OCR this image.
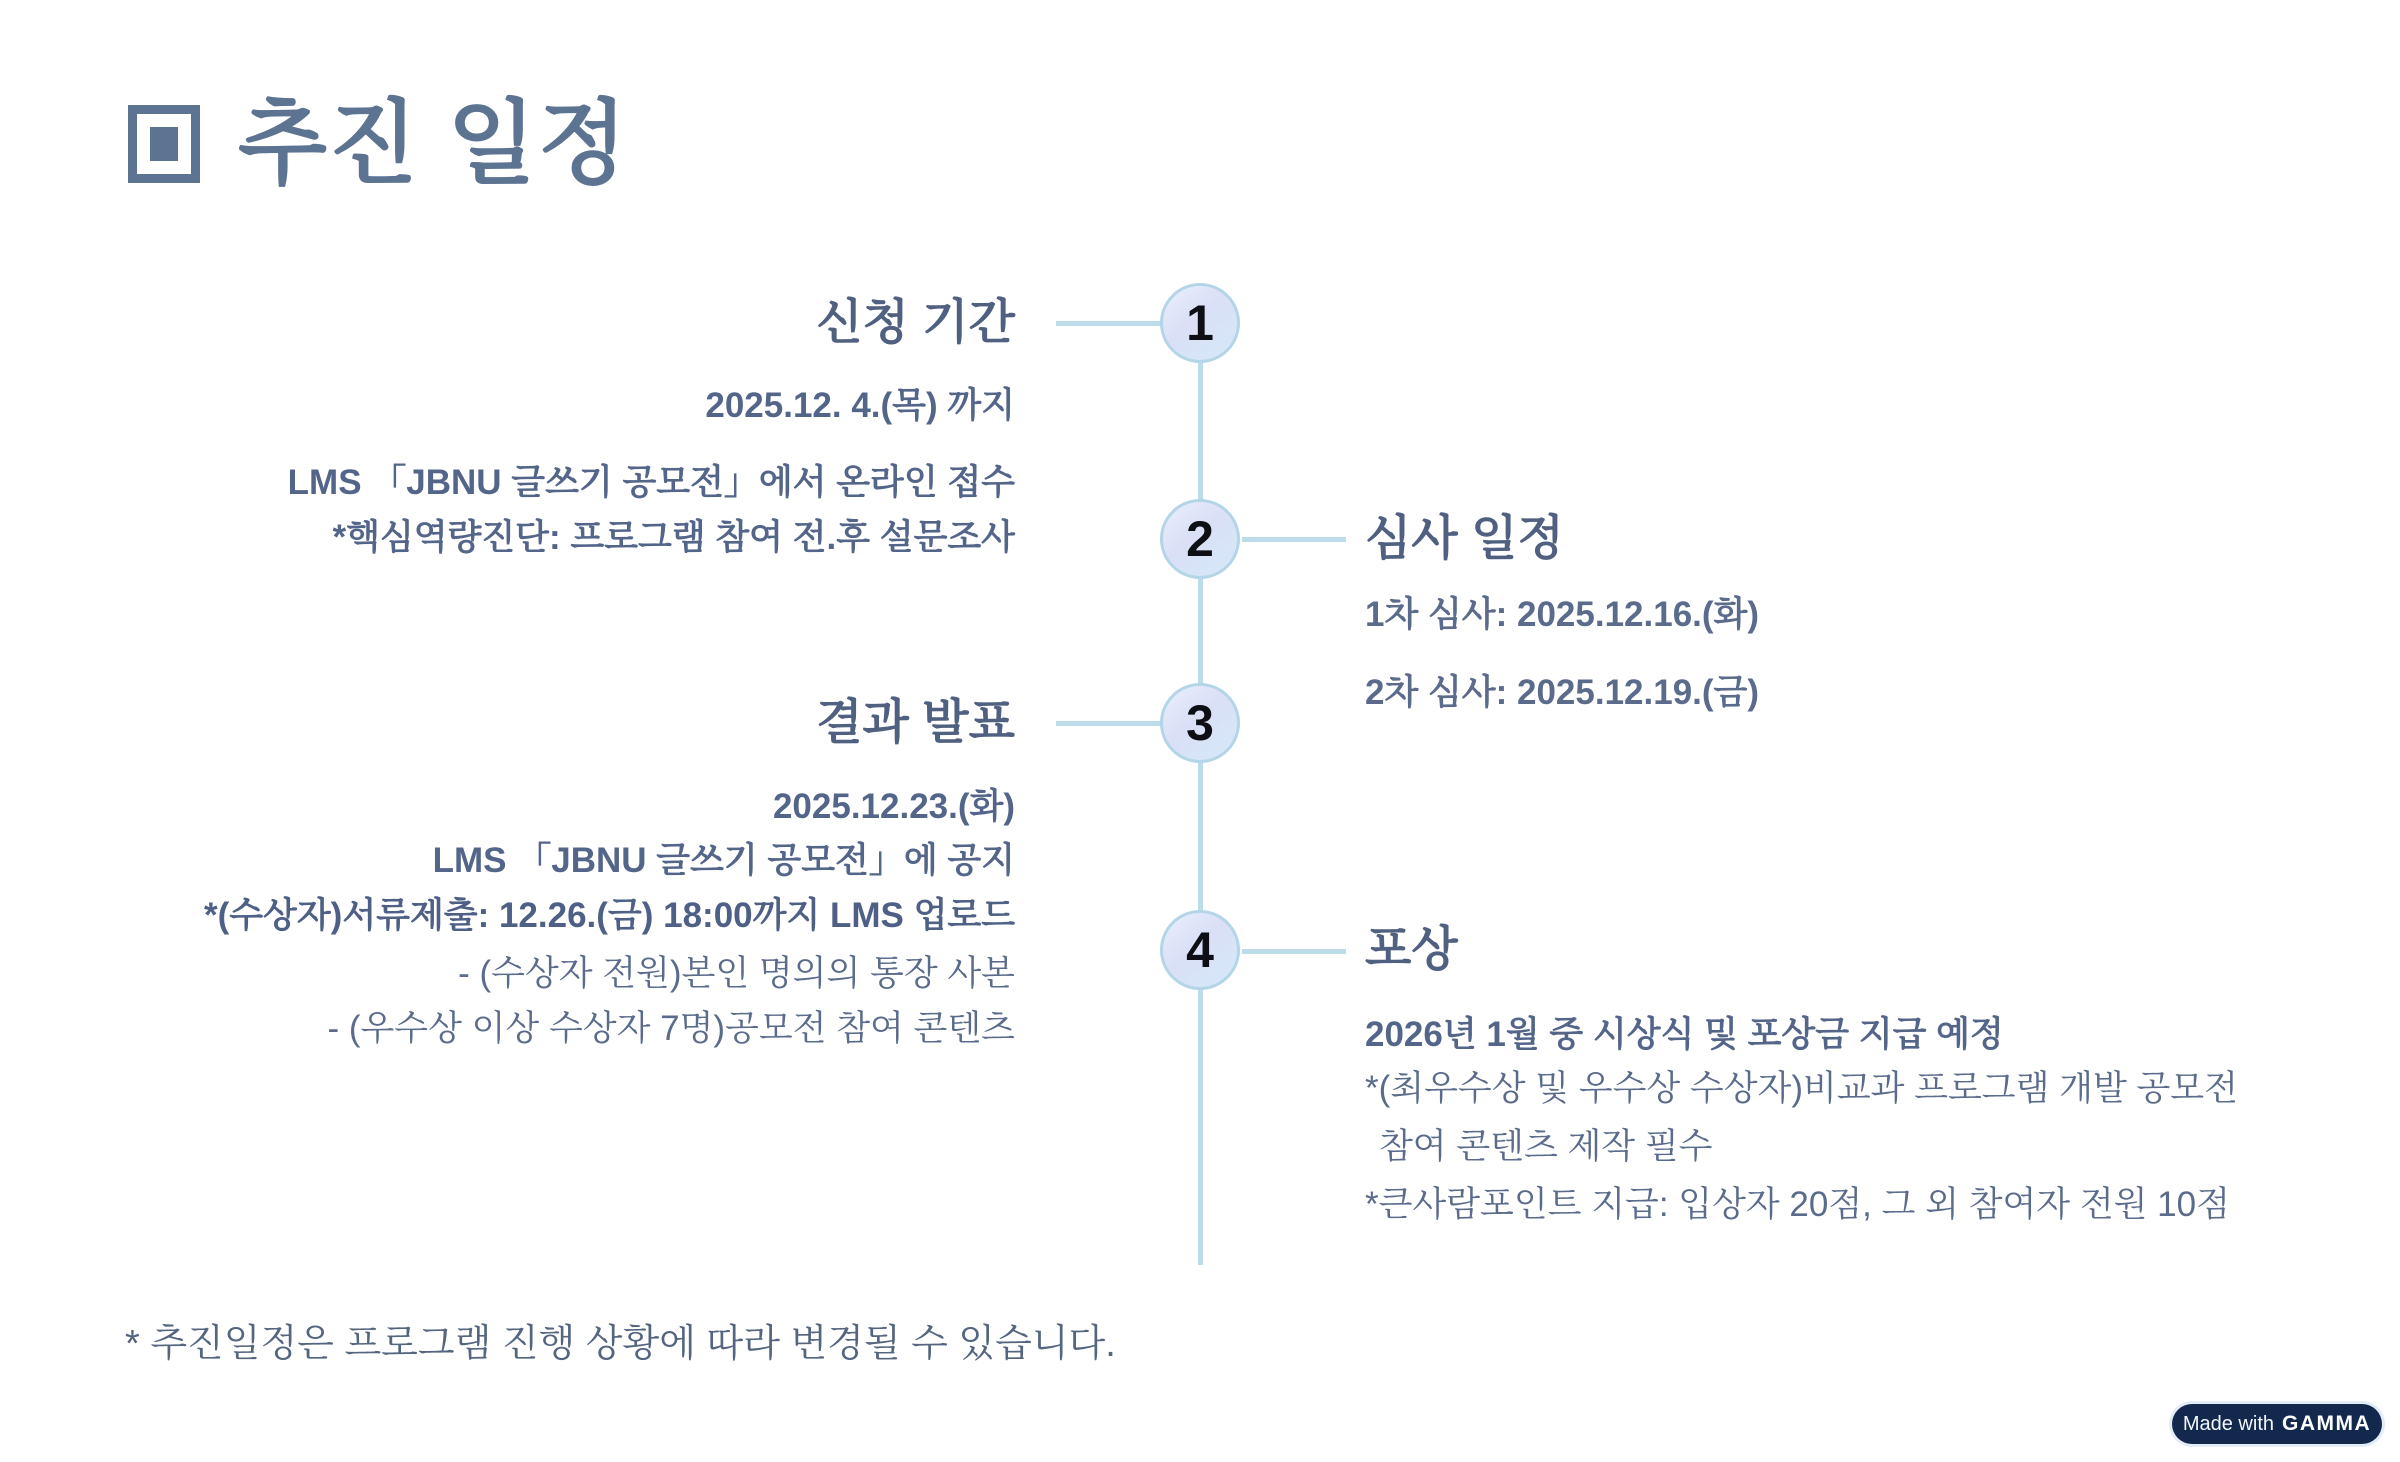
추진 일정
1
2
3
4
신청 기간
2025.12. 4.(목) 까지
LMS 「JBNU 글쓰기 공모전」에서 온라인 접수
*핵심역량진단: 프로그램 참여 전.후 설문조사	심사 일정
1차 심사: 2025.12.16.(화)
2차 심사: 2025.12.19.(금)
결과 발표
2025.12.23.(화)
LMS 「JBNU 글쓰기 공모전」에 공지
*(수상자)서류제출: 12.26.(금) 18:00까지 LMS 업로드
- (수상자 전원)본인 명의의 통장 사본
- (우수상 이상 수상자 7명)공모전 참여 콘텐츠
포상
2026년 1월 중 시상식 및 포상금 지급 예정
*(최우수상 및 우수상 수상자)비교과 프로그램 개발 공모전
참여 콘텐츠 제작 필수
*큰사람포인트 지급: 입상자 20점, 그 외 참여자 전원 10점
* 추진일정은 프로그램 진행 상황에 따라 변경될 수 있습니다.
Made with GAMMA
